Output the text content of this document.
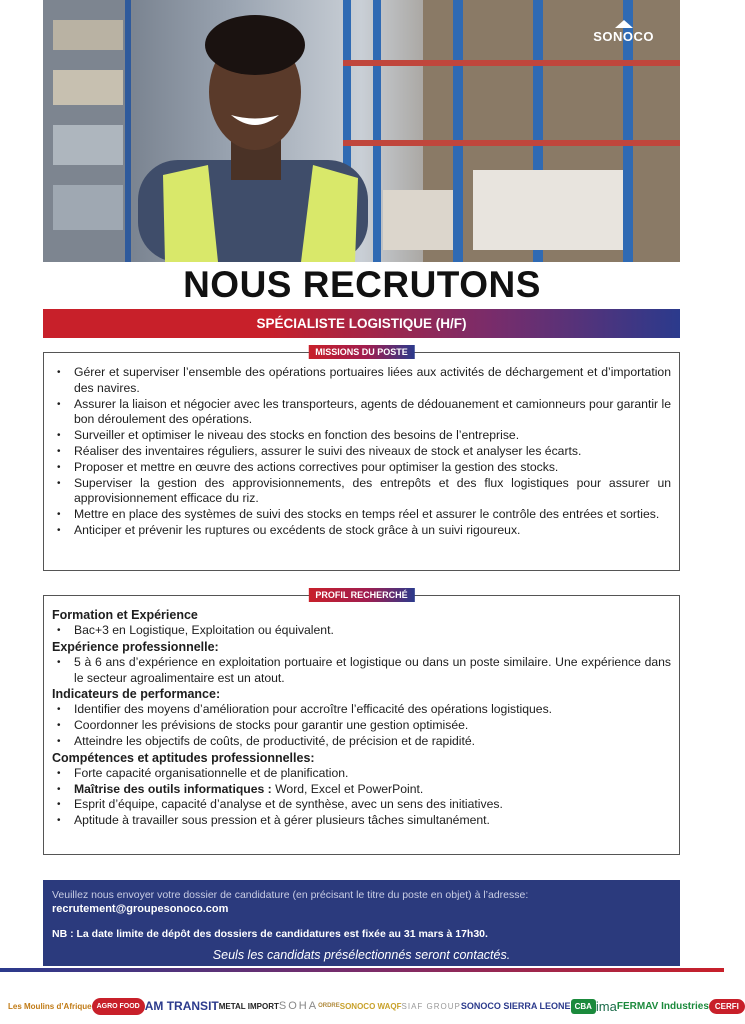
SONOCO
NOUS RECRUTONS
SPÉCIALISTE LOGISTIQUE (H/F)
MISSIONS DU POSTE
• Gérer et superviser l’ensemble des opérations portuaires liées aux activités de déchargement et d’importation des navires.
• Assurer la liaison et négocier avec les transporteurs, agents de dédouanement et camionneurs pour garantir le bon déroulement des opérations.
• Surveiller et optimiser le niveau des stocks en fonction des besoins de l’entreprise.
• Réaliser des inventaires réguliers, assurer le suivi des niveaux de stock et analyser les écarts.
• Proposer et mettre en œuvre des actions correctives pour optimiser la gestion des stocks.
• Superviser la gestion des approvisionnements, des entrepôts et des flux logistiques pour assurer un approvisionnement efficace du riz.
• Mettre en place des systèmes de suivi des stocks en temps réel et assurer le contrôle des entrées et sorties.
• Anticiper et prévenir les ruptures ou excédents de stock grâce à un suivi rigoureux.
PROFIL RECHERCHÉ
Formation et Expérience
• Bac+3 en Logistique, Exploitation ou équivalent.
Expérience professionnelle:
• 5 à 6 ans d’expérience en exploitation portuaire et logistique ou dans un poste similaire. Une expérience dans le secteur agroalimentaire est un atout.
Indicateurs de performance:
• Identifier des moyens d’amélioration pour accroître l’efficacité des opérations logistiques.
• Coordonner les prévisions de stocks pour garantir une gestion optimisée.
• Atteindre les objectifs de coûts, de productivité, de précision et de rapidité.
Compétences et aptitudes professionnelles:
• Forte capacité organisationnelle et de planification.
• Maîtrise des outils informatiques : Word, Excel et PowerPoint.
• Esprit d’équipe, capacité d’analyse et de synthèse, avec un sens des initiatives.
• Aptitude à travailler sous pression et à gérer plusieurs tâches simultanément.
Veuillez nous envoyer votre dossier de candidature (en précisant le titre du poste en objet) à l’adresse:
recrutement@groupesonoco.com
NB : La date limite de dépôt des dossiers de candidatures est fixée au 31 mars à 17h30.
Seuls les candidats présélectionnés seront contactés.
Les Moulins d’Afrique AGRO FOOD AM TRANSIT METAL IMPORT SOHA ORDRE SONOCO WAQF SIAF GROUP SONOCO SIERRA LEONE CBA ima FERMAV Industries CERFI
